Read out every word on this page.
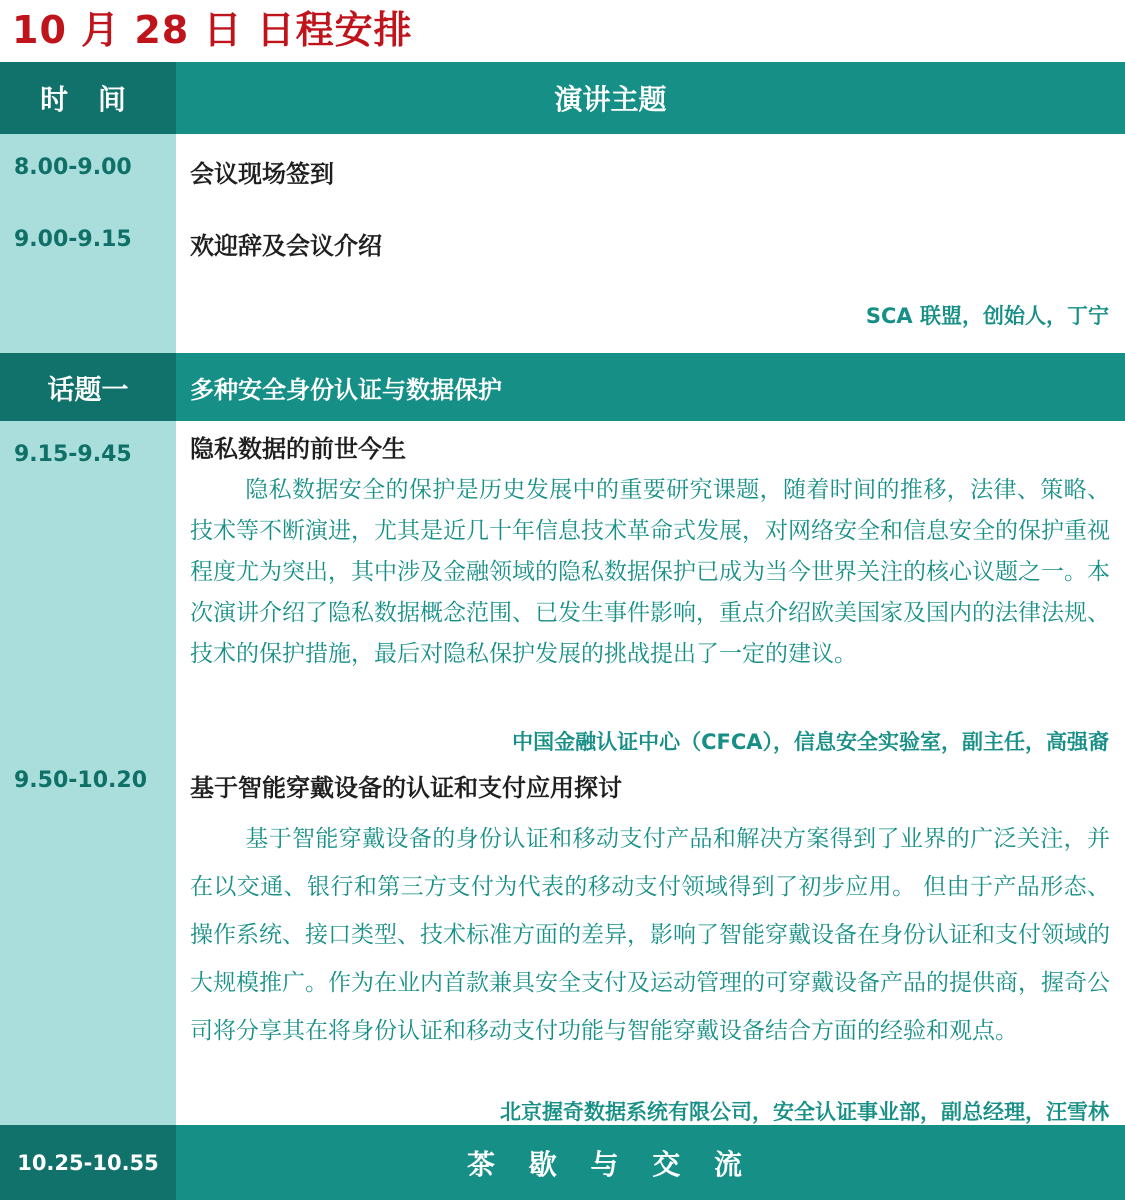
10 月 28 日 日程安排
时 间	演讲主题
8.00-9.00 会议现场签到
9.00-9.15 欢迎辞及会议介绍
SCA 联盟，创始人，丁宁
话题一	多种安全身份认证与数据保护
9.15-9.45 隐私数据的前世今生

隐私数据安全的保护是历史发展中的重要研究课题，随着时间的推移，法律、策略、技术等不断演进，尤其是近几十年信息技术革命式发展，对网络安全和信息安全的保护重视程度尤为突出，其中涉及金融领域的隐私数据保护已成为当今世界关注的核心议题之一。本次演讲介绍了隐私数据概念范围、已发生事件影响，重点介绍欧美国家及国内的法律法规、技术的保护措施，最后对隐私保护发展的挑战提出了一定的建议。

中国金融认证中心（CFCA），信息安全实验室，副主任，高强裔
9.50-10.20 基于智能穿戴设备的认证和支付应用探讨

基于智能穿戴设备的身份认证和移动支付产品和解决方案得到了业界的广泛关注，并在以交通、银行和第三方支付为代表的移动支付领域得到了初步应用。 但由于产品形态、操作系统、接口类型、技术标准方面的差异，影响了智能穿戴设备在身份认证和支付领域的大规模推广。作为在业内首款兼具安全支付及运动管理的可穿戴设备产品的提供商，握奇公司将分享其在将身份认证和移动支付功能与智能穿戴设备结合方面的经验和观点。

北京握奇数据系统有限公司，安全认证事业部，副总经理，汪雪林
10.25-10.55	茶 歇 与 交 流
